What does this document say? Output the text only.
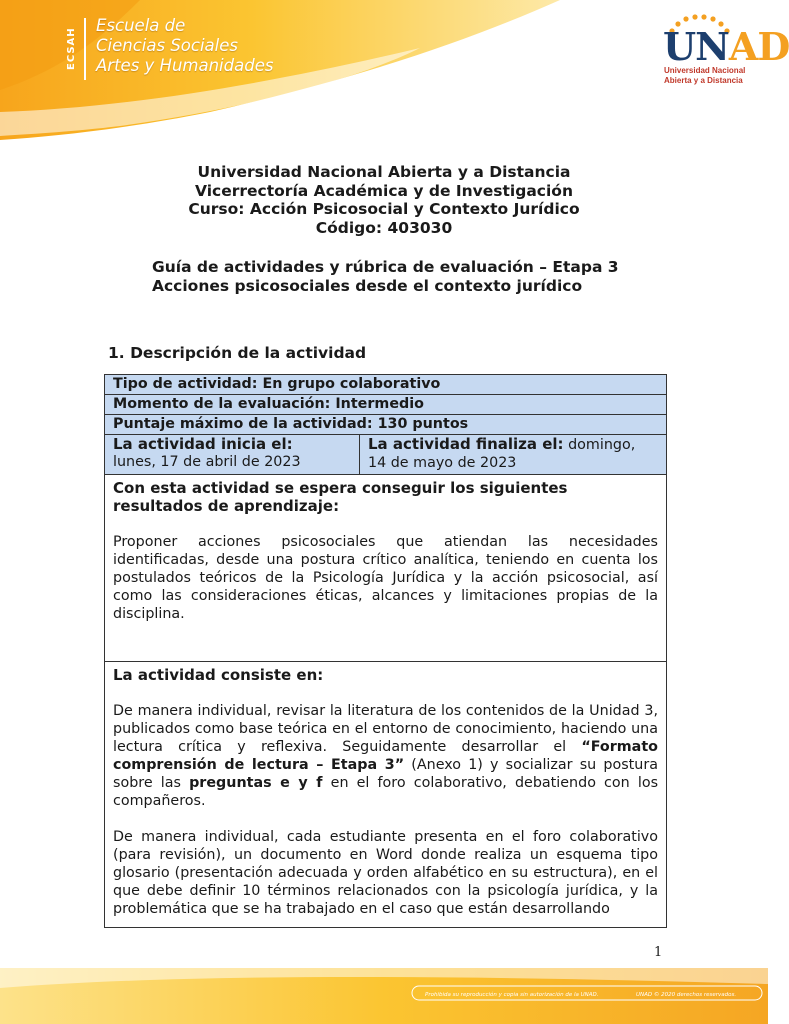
ECSAH
Escuela de
Ciencias Sociales
Artes y Humanidades	UNAD
Universidad Nacional
Abierta y a Distancia
Universidad Nacional Abierta y a Distancia
Vicerrectoría Académica y de Investigación
Curso: Acción Psicosocial y Contexto Jurídico
Código: 403030
Guía de actividades y rúbrica de evaluación – Etapa 3
Acciones psicosociales desde el contexto jurídico
1. Descripción de la actividad
Tipo de actividad: En grupo colaborativo
Momento de la evaluación: Intermedio
Puntaje máximo de la actividad: 130 puntos
La actividad inicia el:
lunes, 17 de abril de 2023
La actividad finaliza el: domingo,
14 de mayo de 2023
Con esta actividad se espera conseguir los siguientes resultados de aprendizaje:
Proponer acciones psicosociales que atiendan las necesidades identificadas, desde una postura crítico analítica, teniendo en cuenta los postulados teóricos de la Psicología Jurídica y la acción psicosocial, así como las consideraciones éticas, alcances y limitaciones propias de la disciplina.
La actividad consiste en:
De manera individual, revisar la literatura de los contenidos de la Unidad 3, publicados como base teórica en el entorno de conocimiento, haciendo una lectura crítica y reflexiva. Seguidamente desarrollar el “Formato comprensión de lectura – Etapa 3” (Anexo 1) y socializar su postura sobre las preguntas e y f en el foro colaborativo, debatiendo con los compañeros.
De manera individual, cada estudiante presenta en el foro colaborativo (para revisión), un documento en Word donde realiza un esquema tipo glosario (presentación adecuada y orden alfabético en su estructura), en el que debe definir 10 términos relacionados con la psicología jurídica, y la problemática que se ha trabajado en el caso que están desarrollando
1
Prohibida su reproducción y copia sin autorización de la UNAD.	UNAD © 2020 derechos reservados.
